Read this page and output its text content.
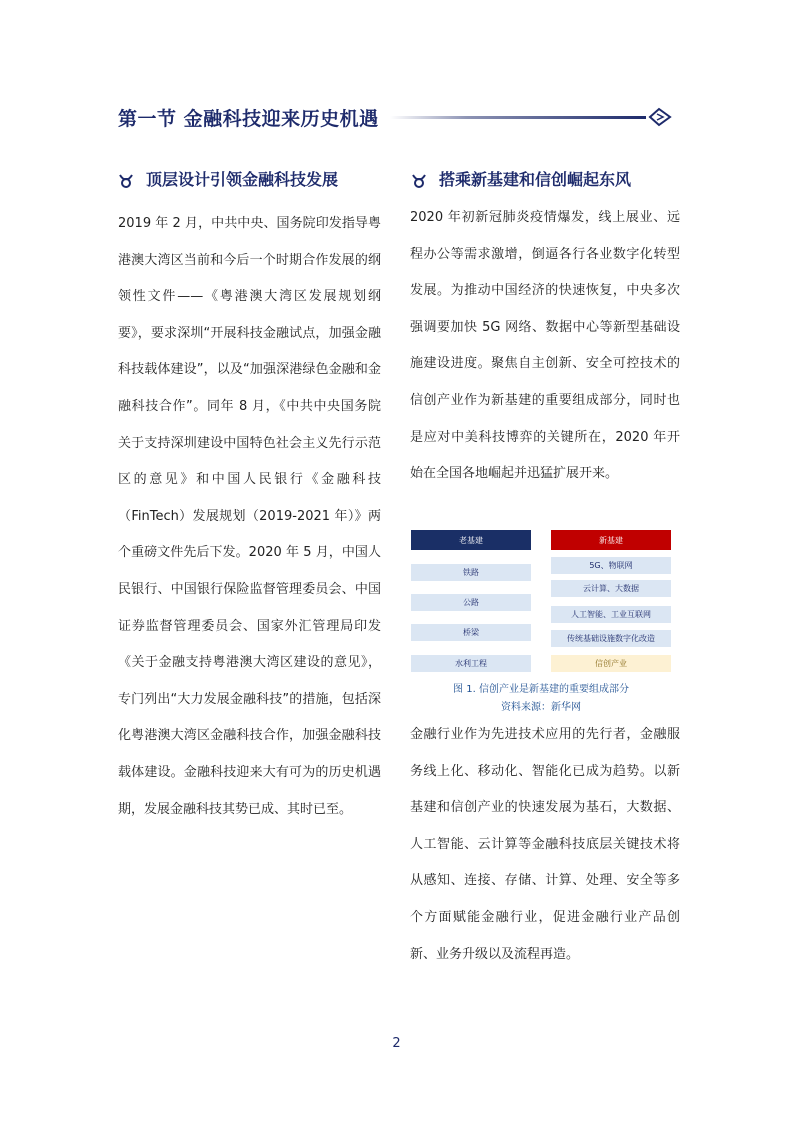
第一节 金融科技迎来历史机遇
顶层设计引领金融科技发展	搭乘新基建和信创崛起东风
2019 年 2 月，中共中央、国务院印发指导粤港澳大湾区当前和今后一个时期合作发展的纲领性文件——《粤港澳大湾区发展规划纲要》，要求深圳“开展科技金融试点，加强金融科技载体建设”，以及“加强深港绿色金融和金融科技合作”。同年 8 月，《中共中央国务院关于支持深圳建设中国特色社会主义先行示范区的意见》和中国人民银行《金融科技（FinTech）发展规划（2019-2021 年）》两个重磅文件先后下发。2020 年 5 月，中国人民银行、中国银行保险监督管理委员会、中国证券监督管理委员会、国家外汇管理局印发《关于金融支持粤港澳大湾区建设的意见》，专门列出“大力发展金融科技”的措施，包括深化粤港澳大湾区金融科技合作，加强金融科技载体建设。金融科技迎来大有可为的历史机遇期，发展金融科技其势已成、其时已至。
2020 年初新冠肺炎疫情爆发，线上展业、远程办公等需求激增，倒逼各行各业数字化转型发展。为推动中国经济的快速恢复，中央多次强调要加快 5G 网络、数据中心等新型基础设施建设进度。聚焦自主创新、安全可控技术的信创产业作为新基建的重要组成部分，同时也是应对中美科技博弈的关键所在，2020 年开始在全国各地崛起并迅猛扩展开来。
老基建	新基建
铁路
公路
桥梁
水利工程
5G、物联网
云计算、大数据
人工智能、工业互联网
传统基础设施数字化改造
信创产业
图 1. 信创产业是新基建的重要组成部分
资料来源：新华网
金融行业作为先进技术应用的先行者，金融服务线上化、移动化、智能化已成为趋势。以新基建和信创产业的快速发展为基石，大数据、人工智能、云计算等金融科技底层关键技术将从感知、连接、存储、计算、处理、安全等多个方面赋能金融行业，促进金融行业产品创新、业务升级以及流程再造。
2
